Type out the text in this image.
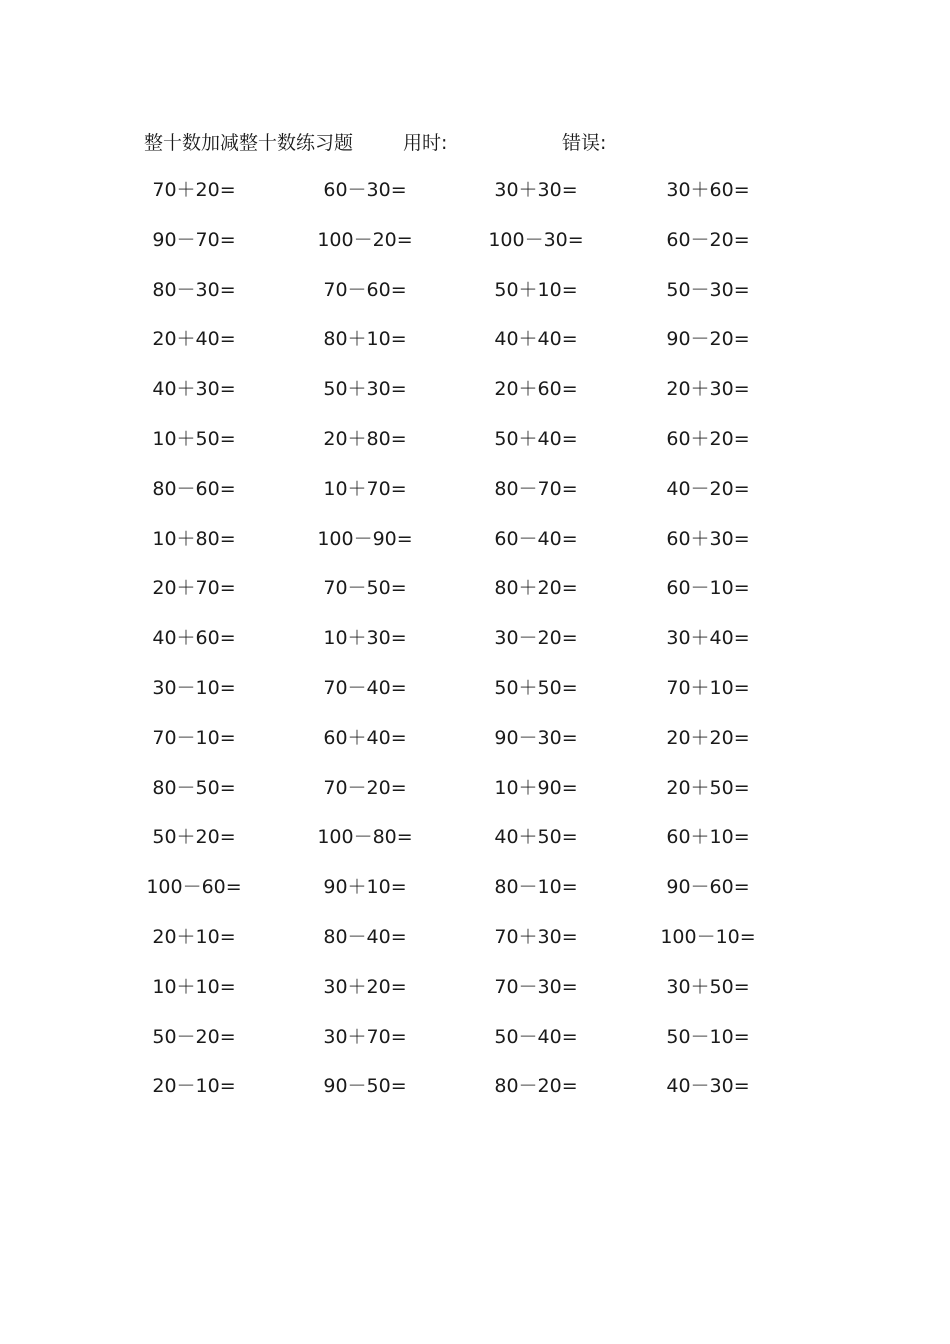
整十数加减整十数练习题	用时:	错误:
70＋20=	60－30=	30＋30=	30＋60=
90－70=	100－20=	100－30=	60－20=
80－30=	70－60=	50＋10=	50－30=
20＋40=	80＋10=	40＋40=	90－20=
40＋30=	50＋30=	20＋60=	20＋30=
10＋50=	20＋80=	50＋40=	60＋20=
80－60=	10＋70=	80－70=	40－20=
10＋80=	100－90=	60－40=	60＋30=
20＋70=	70－50=	80＋20=	60－10=
40＋60=	10＋30=	30－20=	30＋40=
30－10=	70－40=	50＋50=	70＋10=
70－10=	60＋40=	90－30=	20＋20=
80－50=	70－20=	10＋90=	20＋50=
50＋20=	100－80=	40＋50=	60＋10=
100－60=	90＋10=	80－10=	90－60=
20＋10=	80－40=	70＋30=	100－10=
10＋10=	30＋20=	70－30=	30＋50=
50－20=	30＋70=	50－40=	50－10=
20－10=	90－50=	80－20=	40－30=
